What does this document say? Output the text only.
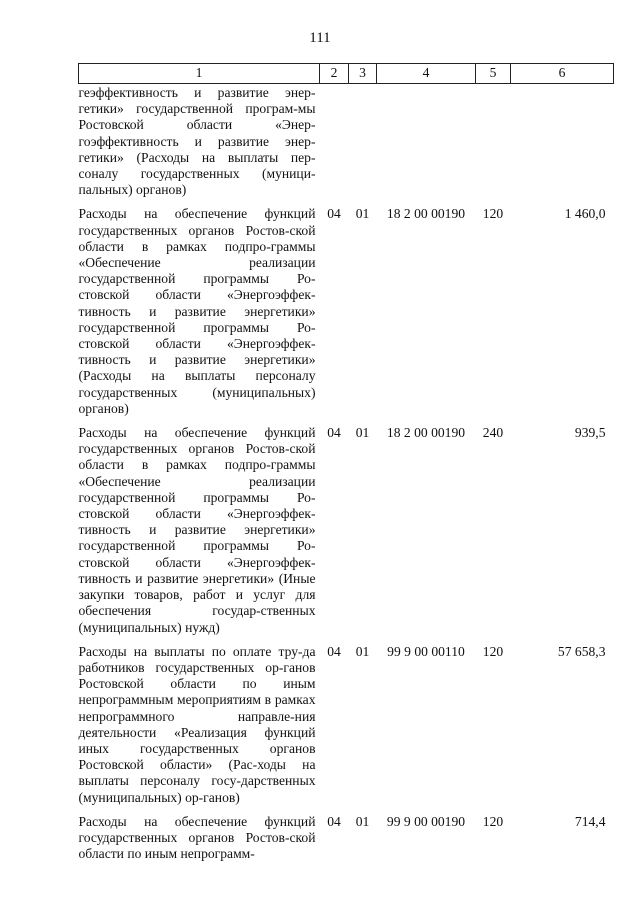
111
1	2	3	4	5	6
геэффективность и развитие энер-гетики» государственной програм-мы Ростовской области «Энер-гоэффективность и развитие энер-гетики» (Расходы на выплаты пер-соналу государственных (муници-пальных) органов)					
Расходы на обеспечение функций государственных органов Ростов-ской области в рамках подпро-граммы «Обеспечение реализации государственной программы Ро-стовской области «Энергоэффек-тивность и развитие энергетики» государственной программы Ро-стовской области «Энергоэффек-тивность и развитие энергетики» (Расходы на выплаты персоналу государственных (муниципальных) органов)	04	01	18 2 00 00190	120	1 460,0
Расходы на обеспечение функций государственных органов Ростов-ской области в рамках подпро-граммы «Обеспечение реализации государственной программы Ро-стовской области «Энергоэффек-тивность и развитие энергетики» государственной программы Ро-стовской области «Энергоэффек-тивность и развитие энергетики» (Иные закупки товаров, работ и услуг для обеспечения государ-ственных (муниципальных) нужд)	04	01	18 2 00 00190	240	939,5
Расходы на выплаты по оплате тру-да работников государственных ор-ганов Ростовской области по иным непрограммным мероприятиям в рамках непрограммного направле-ния деятельности «Реализация функций иных государственных органов Ростовской области» (Рас-ходы на выплаты персоналу госу-дарственных (муниципальных) ор-ганов)	04	01	99 9 00 00110	120	57 658,3
Расходы на обеспечение функций государственных органов Ростов-ской области по иным непрограмм-	04	01	99 9 00 00190	120	714,4
